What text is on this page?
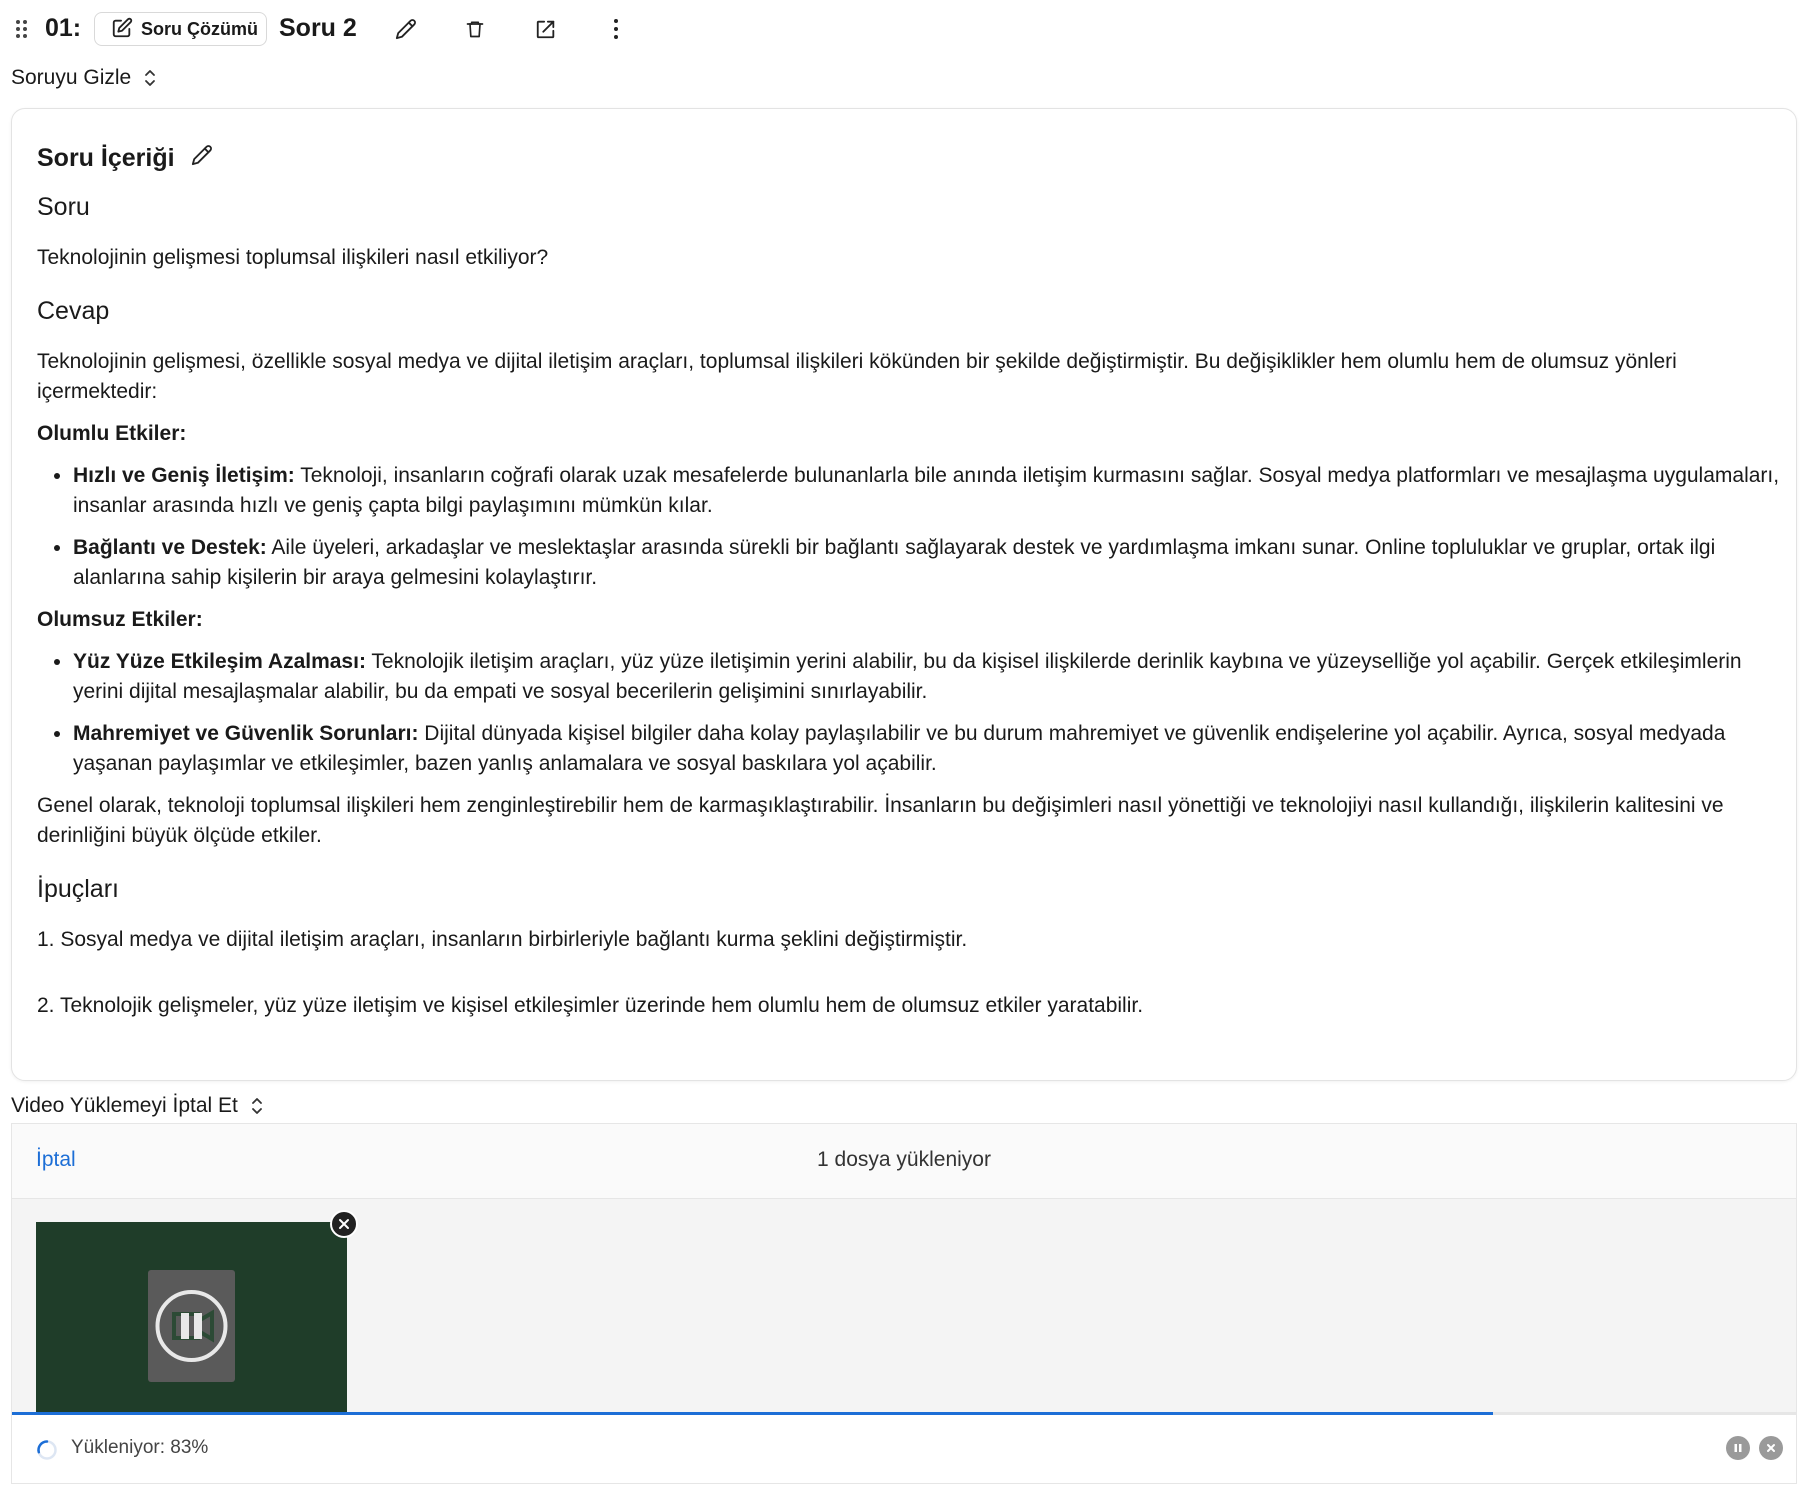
01:	Soru Çözümü Soru 2
Soruyu Gizle
Soru İçeriği
Soru

Teknolojinin gelişmesi toplumsal ilişkileri nasıl etkiliyor?

Cevap

Teknolojinin gelişmesi, özellikle sosyal medya ve dijital iletişim araçları, toplumsal ilişkileri kökünden bir şekilde değiştirmiştir. Bu değişiklikler hem olumlu hem de olumsuz yönleri içermektedir:

Olumlu Etkiler:

• Hızlı ve Geniş İletişim: Teknoloji, insanların coğrafi olarak uzak mesafelerde bulunanlarla bile anında iletişim kurmasını sağlar. Sosyal medya platformları ve mesajlaşma uygulamaları, insanlar arasında hızlı ve geniş çapta bilgi paylaşımını mümkün kılar.
• Bağlantı ve Destek: Aile üyeleri, arkadaşlar ve meslektaşlar arasında sürekli bir bağlantı sağlayarak destek ve yardımlaşma imkanı sunar. Online topluluklar ve gruplar, ortak ilgi alanlarına sahip kişilerin bir araya gelmesini kolaylaştırır.

Olumsuz Etkiler:

• Yüz Yüze Etkileşim Azalması: Teknolojik iletişim araçları, yüz yüze iletişimin yerini alabilir, bu da kişisel ilişkilerde derinlik kaybına ve yüzeyselliğe yol açabilir. Gerçek etkileşimlerin yerini dijital mesajlaşmalar alabilir, bu da empati ve sosyal becerilerin gelişimini sınırlayabilir.
• Mahremiyet ve Güvenlik Sorunları: Dijital dünyada kişisel bilgiler daha kolay paylaşılabilir ve bu durum mahremiyet ve güvenlik endişelerine yol açabilir. Ayrıca, sosyal medyada yaşanan paylaşımlar ve etkileşimler, bazen yanlış anlamalara ve sosyal baskılara yol açabilir.

Genel olarak, teknoloji toplumsal ilişkileri hem zenginleştirebilir hem de karmaşıklaştırabilir. İnsanların bu değişimleri nasıl yönettiği ve teknolojiyi nasıl kullandığı, ilişkilerin kalitesini ve derinliğini büyük ölçüde etkiler.

İpuçları

1. Sosyal medya ve dijital iletişim araçları, insanların birbirleriyle bağlantı kurma şeklini değiştirmiştir.

2. Teknolojik gelişmeler, yüz yüze iletişim ve kişisel etkileşimler üzerinde hem olumlu hem de olumsuz etkiler yaratabilir.

Video Yüklemeyi İptal Et
1 dosya yükleniyor
İptal
Yükleniyor: 83%
